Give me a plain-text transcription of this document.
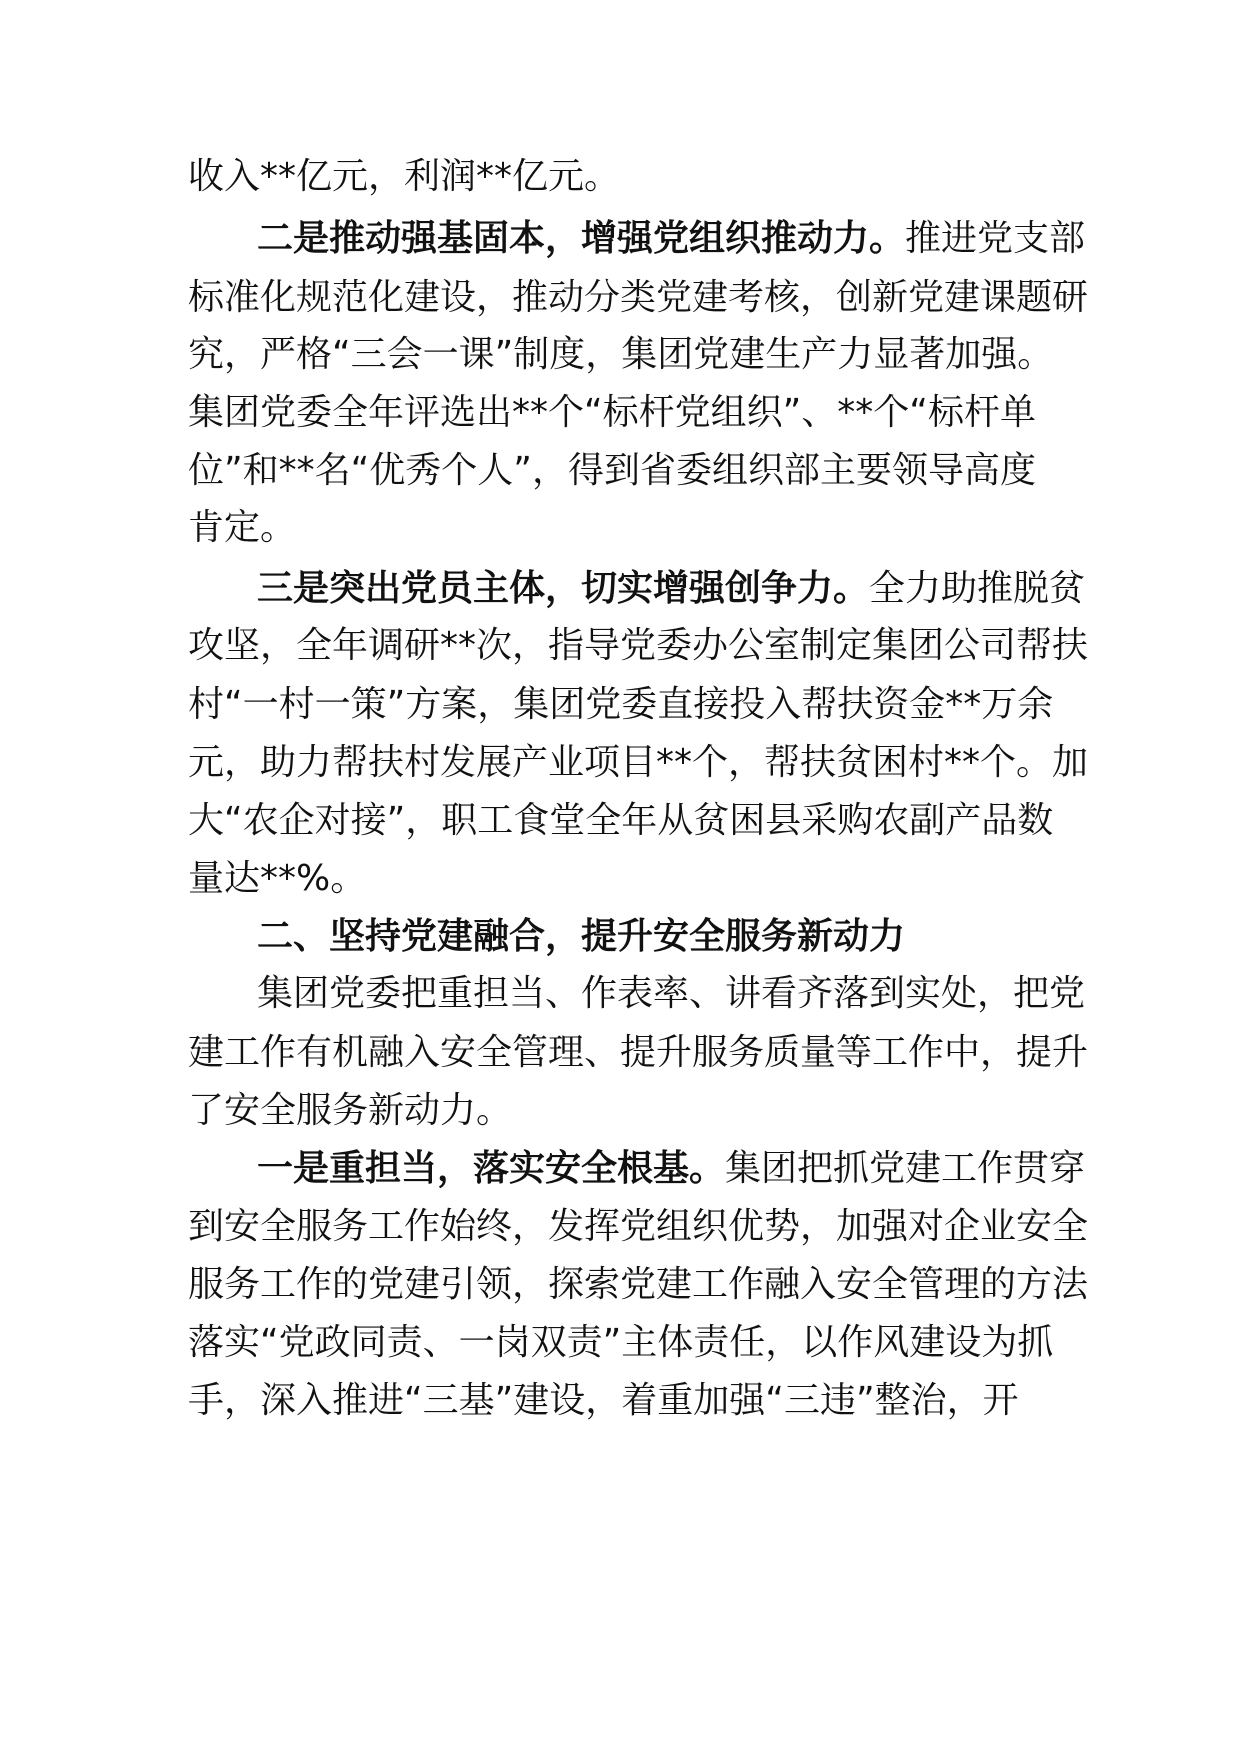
收入**亿元，利润**亿元。
二是推动强基固本，增强党组织推动力。推进党支部
标准化规范化建设，推动分类党建考核，创新党建课题研
究，严格“三会一课”制度，集团党建生产力显著加强。
集团党委全年评选出**个“标杆党组织”、**个“标杆单
位”和**名“优秀个人”，得到省委组织部主要领导高度
肯定。
三是突出党员主体，切实增强创争力。全力助推脱贫
攻坚，全年调研**次，指导党委办公室制定集团公司帮扶
村“一村一策”方案，集团党委直接投入帮扶资金**万余
元，助力帮扶村发展产业项目**个，帮扶贫困村**个。加
大“农企对接”，职工食堂全年从贫困县采购农副产品数
量达**%。
二、坚持党建融合，提升安全服务新动力
集团党委把重担当、作表率、讲看齐落到实处，把党
建工作有机融入安全管理、提升服务质量等工作中，提升
了安全服务新动力。
一是重担当，落实安全根基。集团把抓党建工作贯穿
到安全服务工作始终，发挥党组织优势，加强对企业安全
服务工作的党建引领，探索党建工作融入安全管理的方法
落实“党政同责、一岗双责”主体责任，以作风建设为抓
手，深入推进“三基”建设，着重加强“三违”整治，开
